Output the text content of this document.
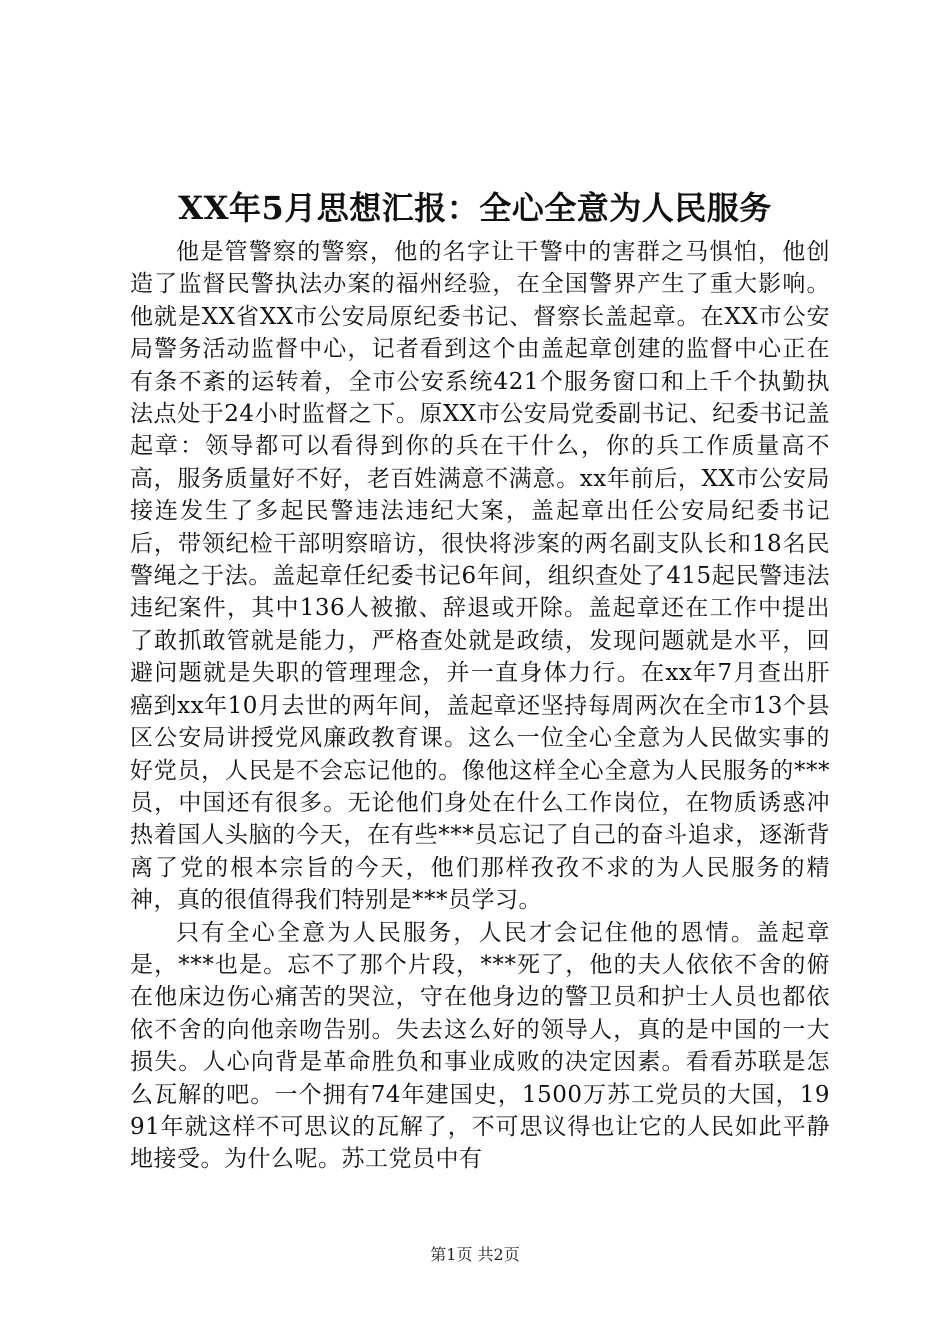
XX年5月思想汇报：全心全意为人民服务

他是管警察的警察，他的名字让干警中的害群之马惧怕，他创造了监督民警执法办案的福州经验，在全国警界产生了重大影响。他就是XX省XX市公安局原纪委书记、督察长盖起章。在XX市公安局警务活动监督中心，记者看到这个由盖起章创建的监督中心正在有条不紊的运转着，全市公安系统421个服务窗口和上千个执勤执法点处于24小时监督之下。原XX市公安局党委副书记、纪委书记盖起章：领导都可以看得到你的兵在干什么，你的兵工作质量高不高，服务质量好不好，老百姓满意不满意。xx年前后，XX市公安局接连发生了多起民警违法违纪大案，盖起章出任公安局纪委书记后，带领纪检干部明察暗访，很快将涉案的两名副支队长和18名民警绳之于法。盖起章任纪委书记6年间，组织查处了415起民警违法违纪案件，其中136人被撤、辞退或开除。盖起章还在工作中提出了敢抓敢管就是能力，严格查处就是政绩，发现问题就是水平，回避问题就是失职的管理理念，并一直身体力行。在xx年7月查出肝癌到xx年10月去世的两年间，盖起章还坚持每周两次在全市13个县区公安局讲授党风廉政教育课。这么一位全心全意为人民做实事的好党员，人民是不会忘记他的。像他这样全心全意为人民服务的***员，中国还有很多。无论他们身处在什么工作岗位，在物质诱惑冲热着国人头脑的今天，在有些***员忘记了自己的奋斗追求，逐渐背离了党的根本宗旨的今天，他们那样孜孜不求的为人民服务的精神，真的很值得我们特别是***员学习。

只有全心全意为人民服务，人民才会记住他的恩情。盖起章是，***也是。忘不了那个片段，***死了，他的夫人依依不舍的俯在他床边伤心痛苦的哭泣，守在他身边的警卫员和护士人员也都依依不舍的向他亲吻告别。失去这么好的领导人，真的是中国的一大损失。人心向背是革命胜负和事业成败的决定因素。看看苏联是怎么瓦解的吧。一个拥有74年建国史，1500万苏工党员的大国，1991年就这样不可思议的瓦解了，不可思议得也让它的人民如此平静地接受。为什么呢。苏工党员中有

第1页 共2页
